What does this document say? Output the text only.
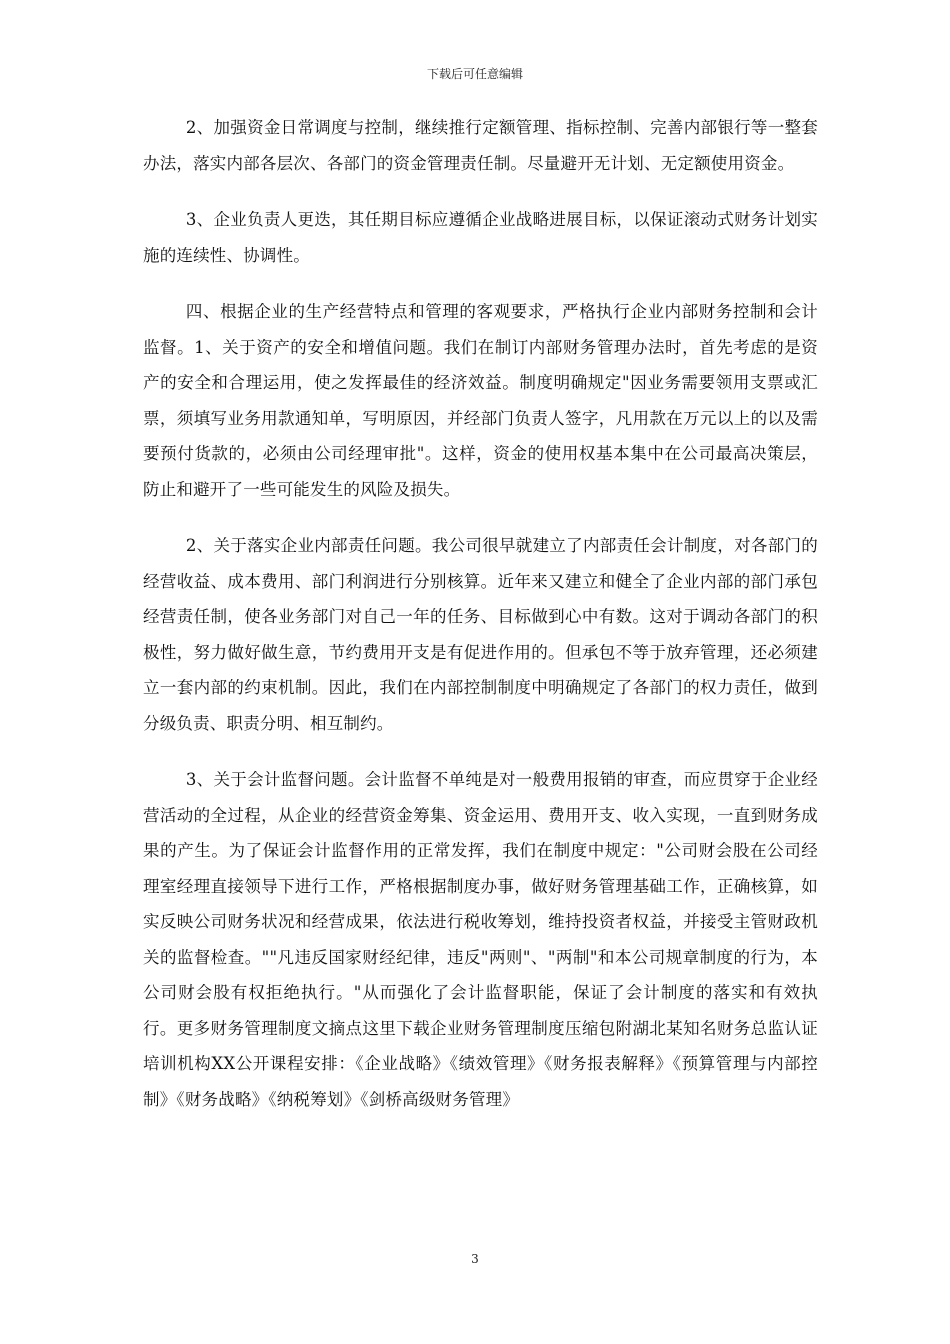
下载后可任意编辑

2、加强资金日常调度与控制，继续推行定额管理、指标控制、完善内部银行等一整套办法，落实内部各层次、各部门的资金管理责任制。尽量避开无计划、无定额使用资金。

3、企业负责人更迭，其任期目标应遵循企业战略进展目标，以保证滚动式财务计划实施的连续性、协调性。

四、根据企业的生产经营特点和管理的客观要求，严格执行企业内部财务控制和会计监督。1、关于资产的安全和增值问题。我们在制订内部财务管理办法时，首先考虑的是资产的安全和合理运用，使之发挥最佳的经济效益。制度明确规定"因业务需要领用支票或汇票，须填写业务用款通知单，写明原因，并经部门负责人签字，凡用款在万元以上的以及需要预付货款的，必须由公司经理审批"。这样，资金的使用权基本集中在公司最高决策层，防止和避开了一些可能发生的风险及损失。

2、关于落实企业内部责任问题。我公司很早就建立了内部责任会计制度，对各部门的经营收益、成本费用、部门利润进行分别核算。近年来又建立和健全了企业内部的部门承包经营责任制，使各业务部门对自己一年的任务、目标做到心中有数。这对于调动各部门的积极性，努力做好做生意，节约费用开支是有促进作用的。但承包不等于放弃管理，还必须建立一套内部的约束机制。因此，我们在内部控制制度中明确规定了各部门的权力责任，做到分级负责、职责分明、相互制约。

3、关于会计监督问题。会计监督不单纯是对一般费用报销的审查，而应贯穿于企业经营活动的全过程，从企业的经营资金筹集、资金运用、费用开支、收入实现，一直到财务成果的产生。为了保证会计监督作用的正常发挥，我们在制度中规定："公司财会股在公司经理室经理直接领导下进行工作，严格根据制度办事，做好财务管理基础工作，正确核算，如实反映公司财务状况和经营成果，依法进行税收筹划，维持投资者权益，并接受主管财政机关的监督检查。""凡违反国家财经纪律，违反"两则"、"两制"和本公司规章制度的行为，本公司财会股有权拒绝执行。"从而强化了会计监督职能，保证了会计制度的落实和有效执行。更多财务管理制度文摘点这里下载企业财务管理制度压缩包附湖北某知名财务总监认证培训机构XX公开课程安排：《企业战略》《绩效管理》《财务报表解释》《预算管理与内部控制》《财务战略》《纳税筹划》《剑桥高级财务管理》

3
